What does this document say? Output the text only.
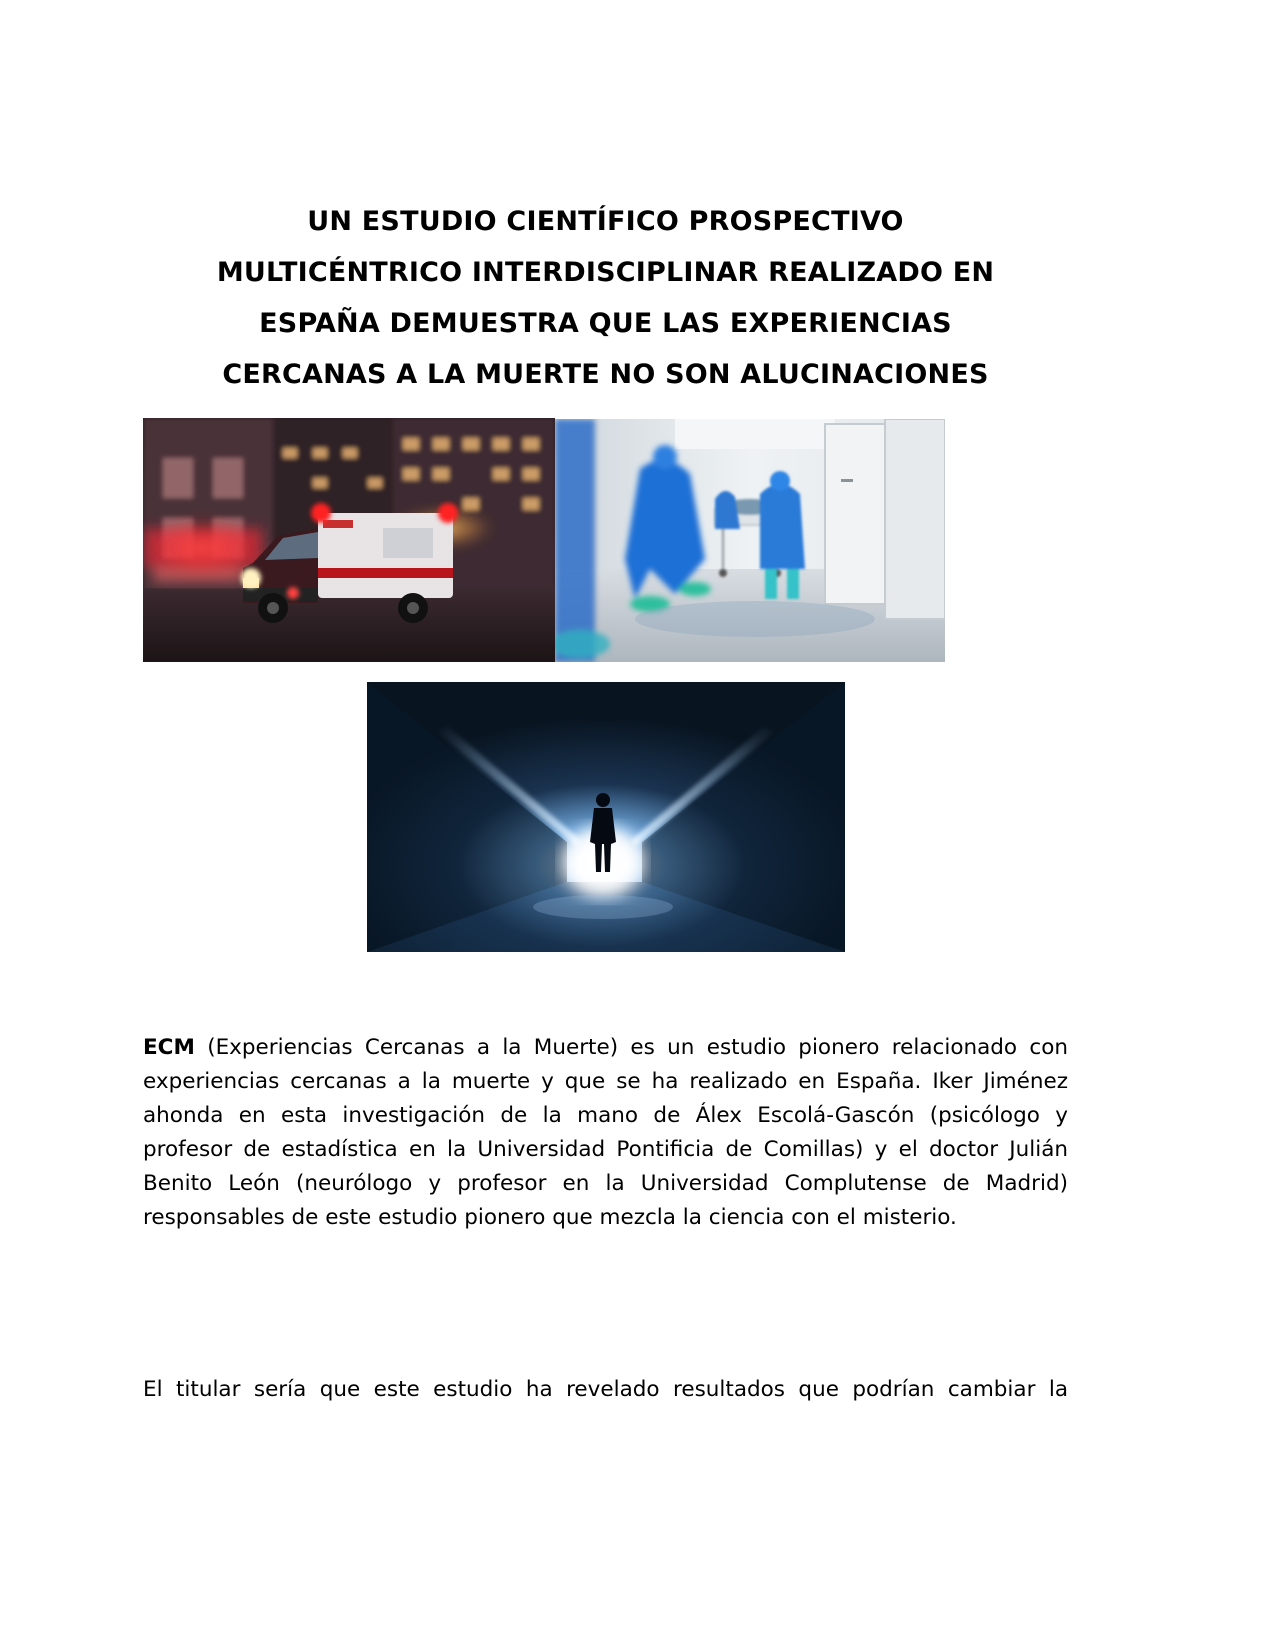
UN ESTUDIO CIENTÍFICO PROSPECTIVO
MULTICÉNTRICO INTERDISCIPLINAR REALIZADO EN
ESPAÑA DEMUESTRA QUE LAS EXPERIENCIAS
CERCANAS A LA MUERTE NO SON ALUCINACIONES

ECM (Experiencias Cercanas a la Muerte) es un estudio pionero relacionado con experiencias cercanas a la muerte y que se ha realizado en España. Iker Jiménez ahonda en esta investigación de la mano de Álex Escolá-Gascón (psicólogo y profesor de estadística en la Universidad Pontificia de Comillas) y el doctor Julián Benito León (neurólogo y profesor en la Universidad Complutense de Madrid) responsables de este estudio pionero que mezcla la ciencia con el misterio.

El titular sería que este estudio ha revelado resultados que podrían cambiar la
